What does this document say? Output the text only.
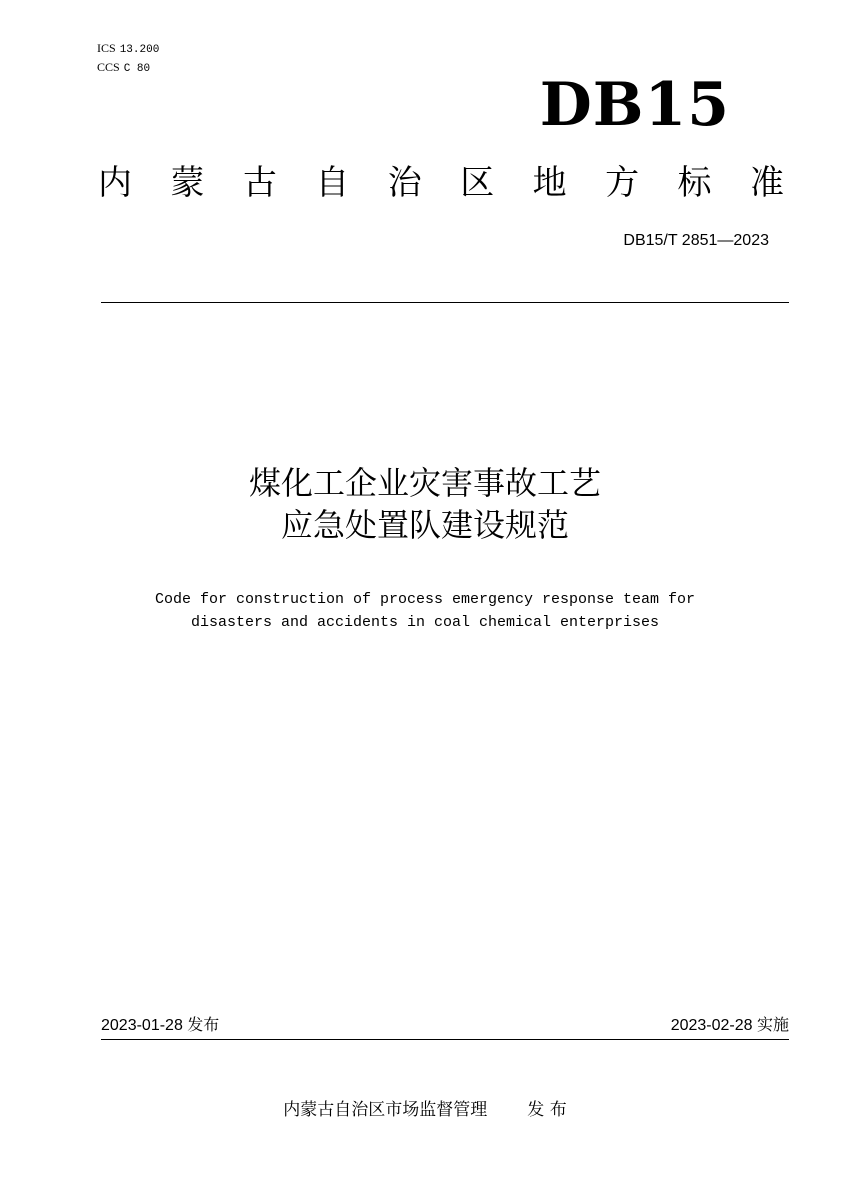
ICS 13.200
CCS C 80
DB15
内 蒙 古 自 治 区 地 方 标 准
DB15/T 2851—2023
煤化工企业灾害事故工艺
应急处置队建设规范
Code for construction of process emergency response team for
disasters and accidents in coal chemical enterprises
2023-01-28 发布	2023-02-28 实施
内蒙古自治区市场监督管理 发 布
